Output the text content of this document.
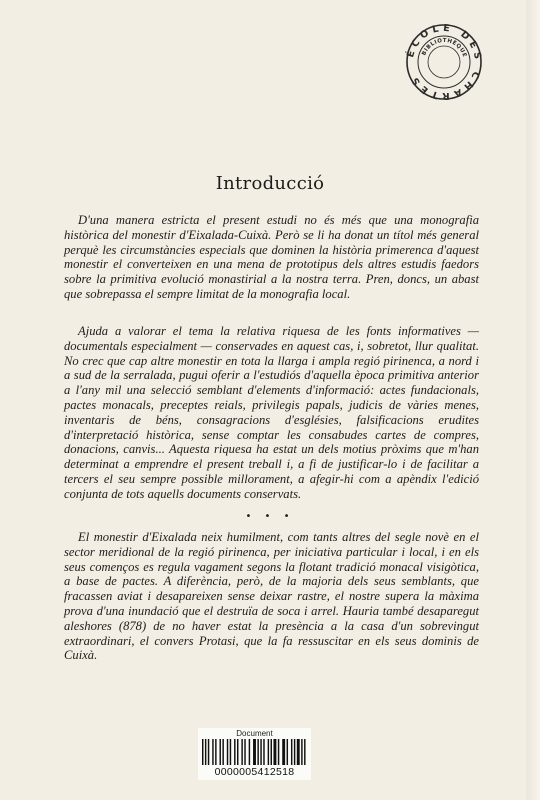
ÉCOLE DES CHARTES
BIBLIOTHÈQUE
Introducció

D'una manera estricta el present estudi no és més que una monografia històrica del monestir d'Eixalada-Cuixà. Però se li ha donat un títol més general perquè les circumstàncies especials que dominen la història primerenca d'aquest monestir el converteixen en una mena de prototipus dels altres estudis faedors sobre la primitiva evolució monastirial a la nostra terra. Pren, doncs, un abast que sobrepassa el sempre limitat de la monografia local.

Ajuda a valorar el tema la relativa riquesa de les fonts informatives — documentals especialment — conservades en aquest cas, i, sobretot, llur qualitat. No crec que cap altre monestir en tota la llarga i ampla regió pirinenca, a nord i a sud de la serralada, pugui oferir a l'estudiós d'aquella època primitiva anterior a l'any mil una selecció semblant d'elements d'informació: actes fundacionals, pactes monacals, preceptes reials, privilegis papals, judicis de vàries menes, inventaris de béns, consagracions d'esglésies, falsificacions erudites d'interpretació històrica, sense comptar les consabudes cartes de compres, donacions, canvis... Aquesta riquesa ha estat un dels motius pròxims que m'han determinat a emprendre el present treball i, a fi de justificar-lo i de facilitar a tercers el seu sempre possible millorament, a afegir-hi com a apèndix l'edició conjunta de tots aquells documents conservats.

• • •

El monestir d'Eixalada neix humilment, com tants altres del segle novè en el sector meridional de la regió pirinenca, per iniciativa particular i local, i en els seus començos es regula vagament segons la flotant tradició monacal visigòtica, a base de pactes. A diferència, però, de la majoria dels seus semblants, que fracassen aviat i desapareixen sense deixar rastre, el nostre supera la màxima prova d'una inundació que el destruïa de soca i arrel. Hauria també desaparegut aleshores (878) de no haver estat la presència a la casa d'un sobrevingut extraordinari, el convers Protasi, que la fa ressuscitar en els seus dominis de Cuixà.

Document
0000005412518
